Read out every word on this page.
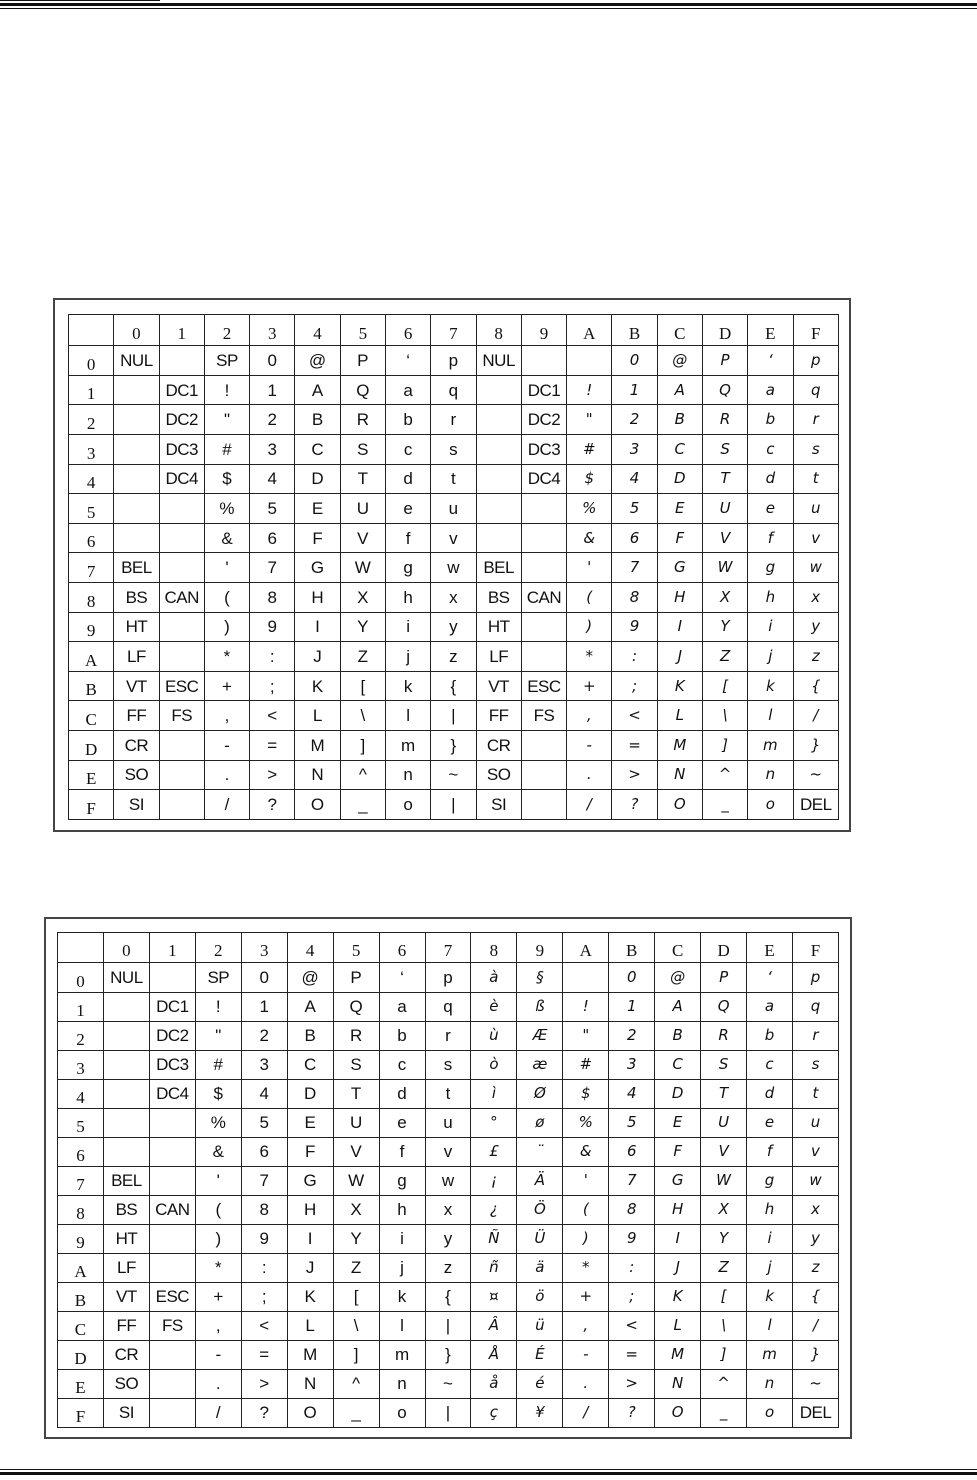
	0	1	2	3	4	5	6	7	8	9	A	B	C	D	E	F
0	NUL		SP	0	@	P	‘	p	NUL			0	@	P	‘	p
1		DC1	!	1	A	Q	a	q		DC1	!	1	A	Q	a	q
2		DC2	"	2	B	R	b	r		DC2	"	2	B	R	b	r
3		DC3	#	3	C	S	c	s		DC3	#	3	C	S	c	s
4		DC4	$	4	D	T	d	t		DC4	$	4	D	T	d	t
5			%	5	E	U	e	u			%	5	E	U	e	u
6			&	6	F	V	f	v			&	6	F	V	f	v
7	BEL		'	7	G	W	g	w	BEL		'	7	G	W	g	w
8	BS	CAN	(	8	H	X	h	x	BS	CAN	(	8	H	X	h	x
9	HT		)	9	I	Y	i	y	HT		)	9	I	Y	i	y
A	LF		*	:	J	Z	j	z	LF		*	:	J	Z	j	z
B	VT	ESC	+	;	K	[	k	{	VT	ESC	+	;	K	[	k	{
C	FF	FS	,	<	L	\	l	|	FF	FS	,	<	L	\	l	/
D	CR		-	=	M	]	m	}	CR		-	=	M	]	m	}
E	SO		.	>	N	^	n	~	SO		.	>	N	^	n	~
F	SI		/	?	O	_	o	|	SI		/	?	O	_	o	DEL
	0	1	2	3	4	5	6	7	8	9	A	B	C	D	E	F
0	NUL		SP	0	@	P	‘	p	à	§		0	@	P	‘	p
1		DC1	!	1	A	Q	a	q	è	ß	!	1	A	Q	a	q
2		DC2	"	2	B	R	b	r	ù	Æ	"	2	B	R	b	r
3		DC3	#	3	C	S	c	s	ò	æ	#	3	C	S	c	s
4		DC4	$	4	D	T	d	t	ì	Ø	$	4	D	T	d	t
5			%	5	E	U	e	u	°	ø	%	5	E	U	e	u
6			&	6	F	V	f	v	£	¨	&	6	F	V	f	v
7	BEL		'	7	G	W	g	w	¡	Ä	'	7	G	W	g	w
8	BS	CAN	(	8	H	X	h	x	¿	Ö	(	8	H	X	h	x
9	HT		)	9	I	Y	i	y	Ñ	Ü	)	9	I	Y	i	y
A	LF		*	:	J	Z	j	z	ñ	ä	*	:	J	Z	j	z
B	VT	ESC	+	;	K	[	k	{	¤	ö	+	;	K	[	k	{
C	FF	FS	,	<	L	\	l	|	Â	ü	,	<	L	\	l	/
D	CR		-	=	M	]	m	}	Å	É	-	=	M	]	m	}
E	SO		.	>	N	^	n	~	å	é	.	>	N	^	n	~
F	SI		/	?	O	_	o	|	ç	¥	/	?	O	_	o	DEL
